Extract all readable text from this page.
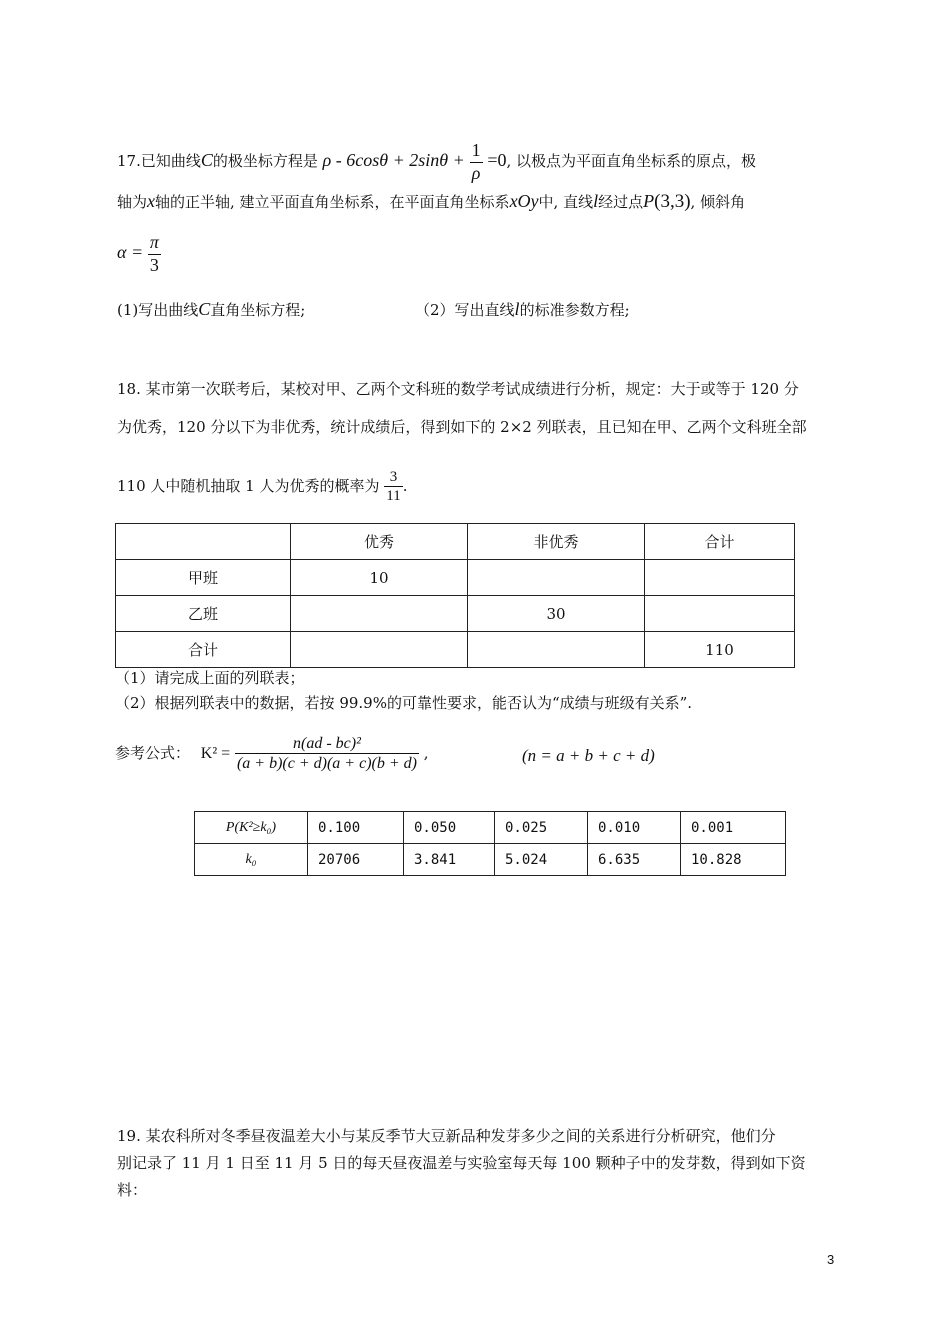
17.已知曲线C的极坐标方程是 $\rho - 6\cos\theta + 2\sin\theta + \frac{1}{\rho} =0$, 以极点为平面直角坐标系的原点，极
轴为x轴的正半轴, 建立平面直角坐标系，在平面直角坐标系xOy中, 直线l经过点P(3,3), 倾斜角
$\alpha = \frac{\pi}{3}$
(1)写出曲线C直角坐标方程;	（2）写出直线l的标准参数方程;
18. 某市第一次联考后，某校对甲、乙两个文科班的数学考试成绩进行分析，规定：大于或等于 120 分
为优秀，120 分以下为非优秀，统计成绩后，得到如下的 2×2 列联表，且已知在甲、乙两个文科班全部
110 人中随机抽取 1 人为优秀的概率为 $\frac{3}{11}$ .
	优秀	非优秀	合计
甲班	10		
乙班		30	
合计			110
（1）请完成上面的列联表；
（2）根据列联表中的数据，若按 99.9%的可靠性要求，能否认为“成绩与班级有关系”.
参考公式： $K^2 = \frac{\text{n(ad - bc)²}}{(a + b)(c + d)(a + c)(b + d)}$ ,	(n = a + b + c + d)
P(K²≥k₀)	0.100	0.050	0.025	0.010	0.001
k₀	20706	3.841	5.024	6.635	10.828
19. 某农科所对冬季昼夜温差大小与某反季节大豆新品种发芽多少之间的关系进行分析研究，他们分
别记录了 11 月 1 日至 11 月 5 日的每天昼夜温差与实验室每天每 100 颗种子中的发芽数，得到如下资
料：
3
